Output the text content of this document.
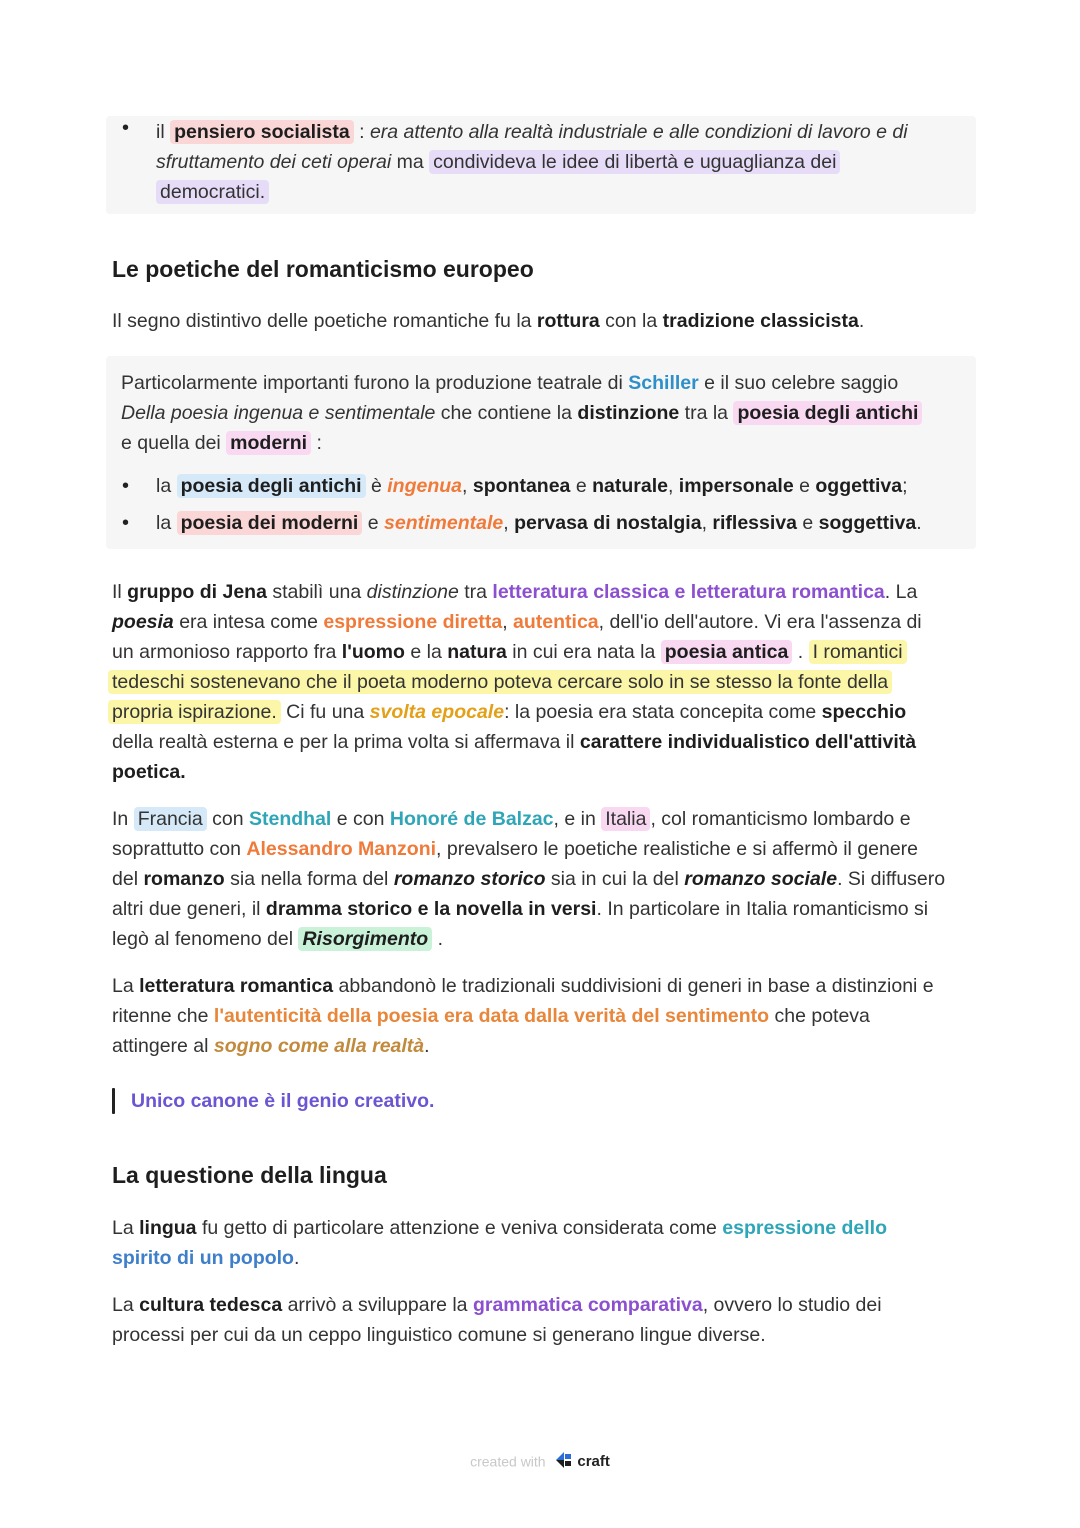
• il pensiero socialista : era attento alla realtà industriale e alle condizioni di lavoro e di
sfruttamento dei ceti operai ma condivideva le idee di libertà e uguaglianza dei
democratici.
Le poetiche del romanticismo europeo

Il segno distintivo delle poetiche romantiche fu la rottura con la tradizione classicista.

Particolarmente importanti furono la produzione teatrale di Schiller e il suo celebre saggio
Della poesia ingenua e sentimentale che contiene la distinzione tra la poesia degli antichi
e quella dei moderni :
• la poesia degli antichi è ingenua, spontanea e naturale, impersonale e oggettiva;
• la poesia dei moderni e sentimentale, pervasa di nostalgia, riflessiva e soggettiva.
Il gruppo di Jena stabilì una distinzione tra letteratura classica e letteratura romantica. La
poesia era intesa come espressione diretta, autentica, dell'io dell'autore. Vi era l'assenza di
un armonioso rapporto fra l'uomo e la natura in cui era nata la poesia antica . I romantici
tedeschi sostenevano che il poeta moderno poteva cercare solo in se stesso la fonte della
propria ispirazione. Ci fu una svolta epocale: la poesia era stata concepita come specchio
della realtà esterna e per la prima volta si affermava il carattere individualistico dell'attività
poetica.
In Francia con Stendhal e con Honoré de Balzac, e in Italia , col romanticismo lombardo e
soprattutto con Alessandro Manzoni, prevalsero le poetiche realistiche e si affermò il genere
del romanzo sia nella forma del romanzo storico sia in cui la del romanzo sociale. Si diffusero
altri due generi, il dramma storico e la novella in versi. In particolare in Italia romanticismo si
legò al fenomeno del Risorgimento .
La letteratura romantica abbandonò le tradizionali suddivisioni di generi in base a distinzioni e
ritenne che l'autenticità della poesia era data dalla verità del sentimento che poteva
attingere al sogno come alla realtà.
Unico canone è il genio creativo.
La questione della lingua
La lingua fu getto di particolare attenzione e veniva considerata come espressione dello
spirito di un popolo.
La cultura tedesca arrivò a sviluppare la grammatica comparativa, ovvero lo studio dei
processi per cui da un ceppo linguistico comune si generano lingue diverse.
created with craft
